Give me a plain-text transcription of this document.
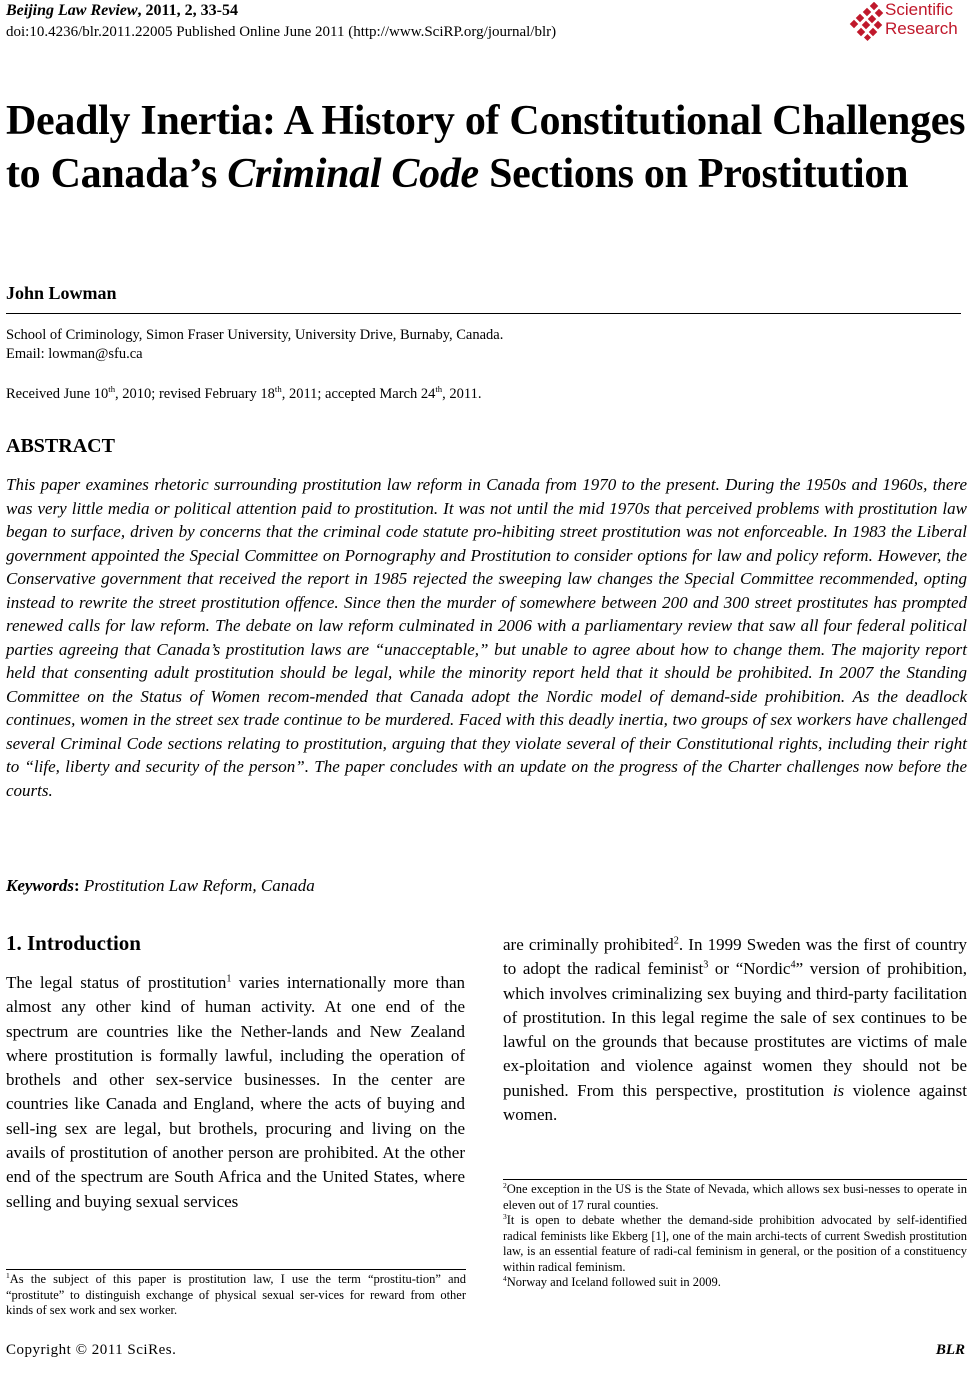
Beijing Law Review, 2011, 2, 33-54
doi:10.4236/blr.2011.22005 Published Online June 2011 (http://www.SciRP.org/journal/blr)
Scientific
Research
Deadly Inertia: A History of Constitutional Challenges to Canada’s Criminal Code Sections on Prostitution
John Lowman
School of Criminology, Simon Fraser University, University Drive, Burnaby, Canada.
Email: lowman@sfu.ca
Received June 10th, 2010; revised February 18th, 2011; accepted March 24th, 2011.
ABSTRACT
This paper examines rhetoric surrounding prostitution law reform in Canada from 1970 to the present. During the 1950s and 1960s, there was very little media or political attention paid to prostitution. It was not until the mid 1970s that perceived problems with prostitution law began to surface, driven by concerns that the criminal code statute pro-hibiting street prostitution was not enforceable. In 1983 the Liberal government appointed the Special Committee on Pornography and Prostitution to consider options for law and policy reform. However, the Conservative government that received the report in 1985 rejected the sweeping law changes the Special Committee recommended, opting instead to rewrite the street prostitution offence. Since then the murder of somewhere between 200 and 300 street prostitutes has prompted renewed calls for law reform. The debate on law reform culminated in 2006 with a parliamentary review that saw all four federal political parties agreeing that Canada’s prostitution laws are “unacceptable,” but unable to agree about how to change them. The majority report held that consenting adult prostitution should be legal, while the minority report held that it should be prohibited. In 2007 the Standing Committee on the Status of Women recom-mended that Canada adopt the Nordic model of demand-side prohibition. As the deadlock continues, women in the street sex trade continue to be murdered. Faced with this deadly inertia, two groups of sex workers have challenged several Criminal Code sections relating to prostitution, arguing that they violate several of their Constitutional rights, including their right to “life, liberty and security of the person”. The paper concludes with an update on the progress of the Charter challenges now before the courts.
Keywords: Prostitution Law Reform, Canada
1. Introduction
The legal status of prostitution$^1$ varies internationally more than almost any other kind of human activity. At one end of the spectrum are countries like the Nether-lands and New Zealand where prostitution is formally lawful, including the operation of brothels and other sex-service businesses. In the center are countries like Canada and England, where the acts of buying and sell-ing sex are legal, but brothels, procuring and living on the avails of prostitution of another person are prohibited. At the other end of the spectrum are South Africa and the United States, where selling and buying sexual services
are criminally prohibited$^2$. In 1999 Sweden was the first of country to adopt the radical feminist$^3$ or “Nordic$^4$” version of prohibition, which involves criminalizing sex buying and third-party facilitation of prostitution. In this legal regime the sale of sex continues to be lawful on the grounds that because prostitutes are victims of male ex-ploitation and violence against women they should not be punished. From this perspective, prostitution is violence against women.
$^1$As the subject of this paper is prostitution law, I use the term “prostitu-tion” and “prostitute” to distinguish exchange of physical sexual ser-vices for reward from other kinds of sex work and sex worker.
$^2$One exception in the US is the State of Nevada, which allows sex busi-nesses to operate in eleven out of 17 rural counties.
$^3$It is open to debate whether the demand-side prohibition advocated by self-identified radical feminists like Ekberg [1], one of the main archi-tects of current Swedish prostitution law, is an essential feature of radi-cal feminism in general, or the position of a constituency within radical feminism.
$^4$Norway and Iceland followed suit in 2009.
Copyright © 2011 SciRes.	BLR
